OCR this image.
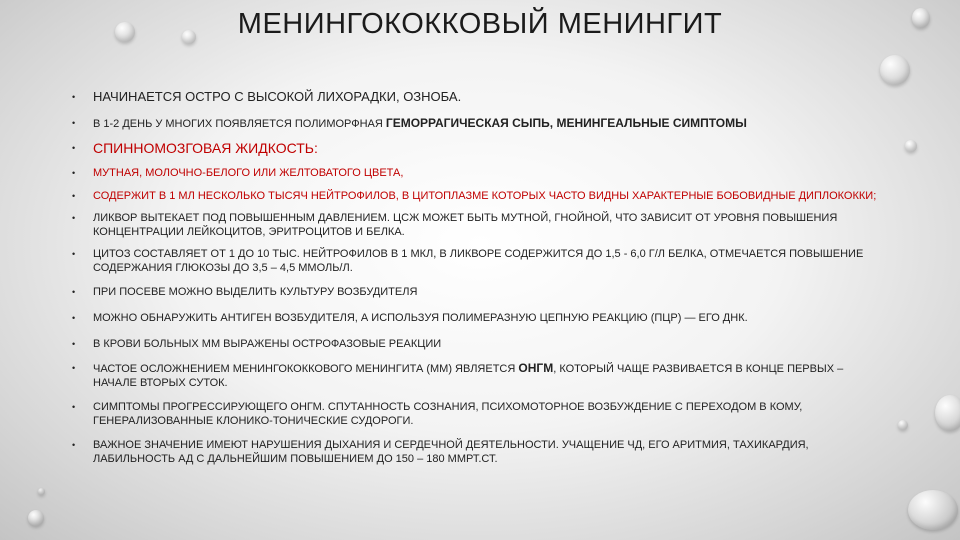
МЕНИНГОКОККОВЫЙ МЕНИНГИТ
• НАЧИНАЕТСЯ ОСТРО С ВЫСОКОЙ ЛИХОРАДКИ, ОЗНОБА.
• В 1-2 ДЕНЬ У МНОГИХ ПОЯВЛЯЕТСЯ ПОЛИМОРФНАЯ ГЕМОРРАГИЧЕСКАЯ СЫПЬ, МЕНИНГЕАЛЬНЫЕ СИМПТОМЫ
• СПИННОМОЗГОВАЯ ЖИДКОСТЬ:
• МУТНАЯ, МОЛОЧНО-БЕЛОГО ИЛИ ЖЕЛТОВАТОГО ЦВЕТА,
• СОДЕРЖИТ В 1 МЛ НЕСКОЛЬКО ТЫСЯЧ НЕЙТРОФИЛОВ, В ЦИТОПЛАЗМЕ КОТОРЫХ ЧАСТО ВИДНЫ ХАРАКТЕРНЫЕ БОБОВИДНЫЕ ДИПЛОКОККИ;
• ЛИКВОР ВЫТЕКАЕТ ПОД ПОВЫШЕННЫМ ДАВЛЕНИЕМ. ЦСЖ МОЖЕТ БЫТЬ МУТНОЙ, ГНОЙНОЙ, ЧТО ЗАВИСИТ ОТ УРОВНЯ ПОВЫШЕНИЯ КОНЦЕНТРАЦИИ ЛЕЙКОЦИТОВ, ЭРИТРОЦИТОВ И БЕЛКА.
• ЦИТОЗ СОСТАВЛЯЕТ ОТ 1 ДО 10 ТЫС. НЕЙТРОФИЛОВ В 1 МКЛ, В ЛИКВОРЕ СОДЕРЖИТСЯ ДО 1,5 - 6,0 Г/Л БЕЛКА, ОТМЕЧАЕТСЯ ПОВЫШЕНИЕ СОДЕРЖАНИЯ ГЛЮКОЗЫ ДО 3,5 – 4,5 ММОЛЬ/Л.
• ПРИ ПОСЕВЕ МОЖНО ВЫДЕЛИТЬ КУЛЬТУРУ ВОЗБУДИТЕЛЯ
• МОЖНО ОБНАРУЖИТЬ АНТИГЕН ВОЗБУДИТЕЛЯ, А ИСПОЛЬЗУЯ ПОЛИМЕРАЗНУЮ ЦЕПНУЮ РЕАКЦИЮ (ПЦР) — ЕГО ДНК.
• В КРОВИ БОЛЬНЫХ ММ ВЫРАЖЕНЫ ОСТРОФАЗОВЫЕ РЕАКЦИИ
• ЧАСТОЕ ОСЛОЖНЕНИЕМ МЕНИНГОКОККОВОГО МЕНИНГИТА (ММ) ЯВЛЯЕТСЯ ОНГМ, КОТОРЫЙ ЧАЩЕ РАЗВИВАЕТСЯ В КОНЦЕ ПЕРВЫХ – НАЧАЛЕ ВТОРЫХ СУТОК.
• СИМПТОМЫ ПРОГРЕССИРУЮЩЕГО ОНГМ. СПУТАННОСТЬ СОЗНАНИЯ, ПСИХОМОТОРНОЕ ВОЗБУЖДЕНИЕ С ПЕРЕХОДОМ В КОМУ, ГЕНЕРАЛИЗОВАННЫЕ КЛОНИКО-ТОНИЧЕСКИЕ СУДОРОГИ.
• ВАЖНОЕ ЗНАЧЕНИЕ ИМЕЮТ НАРУШЕНИЯ ДЫХАНИЯ И СЕРДЕЧНОЙ ДЕЯТЕЛЬНОСТИ. УЧАЩЕНИЕ ЧД, ЕГО АРИТМИЯ, ТАХИКАРДИЯ, ЛАБИЛЬНОСТЬ АД С ДАЛЬНЕЙШИМ ПОВЫШЕНИЕМ ДО 150 – 180 ММРТ.СТ.
